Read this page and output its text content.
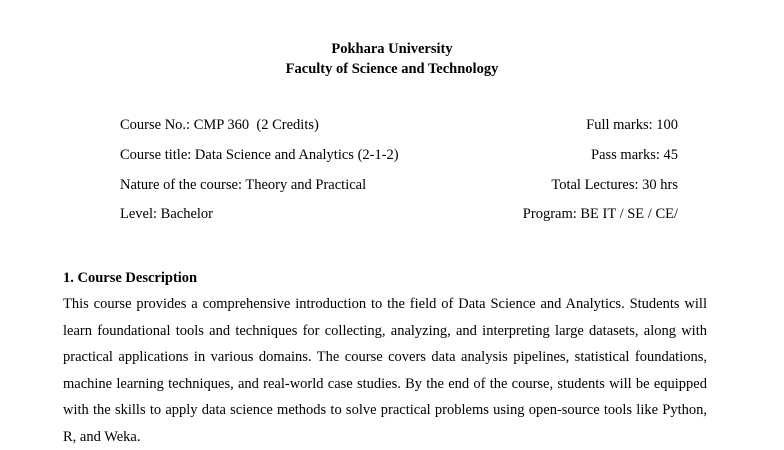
Pokhara University
Faculty of Science and Technology
Course No.: CMP 360  (2 Credits)	Full marks: 100
Course title: Data Science and Analytics (2-1-2)	Pass marks: 45
Nature of the course: Theory and Practical	Total Lectures: 30 hrs
Level: Bachelor	Program: BE IT / SE / CE/
1. Course Description
This course provides a comprehensive introduction to the field of Data Science and Analytics. Students will learn foundational tools and techniques for collecting, analyzing, and interpreting large datasets, along with practical applications in various domains. The course covers data analysis pipelines, statistical foundations, machine learning techniques, and real-world case studies. By the end of the course, students will be equipped with the skills to apply data science methods to solve practical problems using open-source tools like Python, R, and Weka.
